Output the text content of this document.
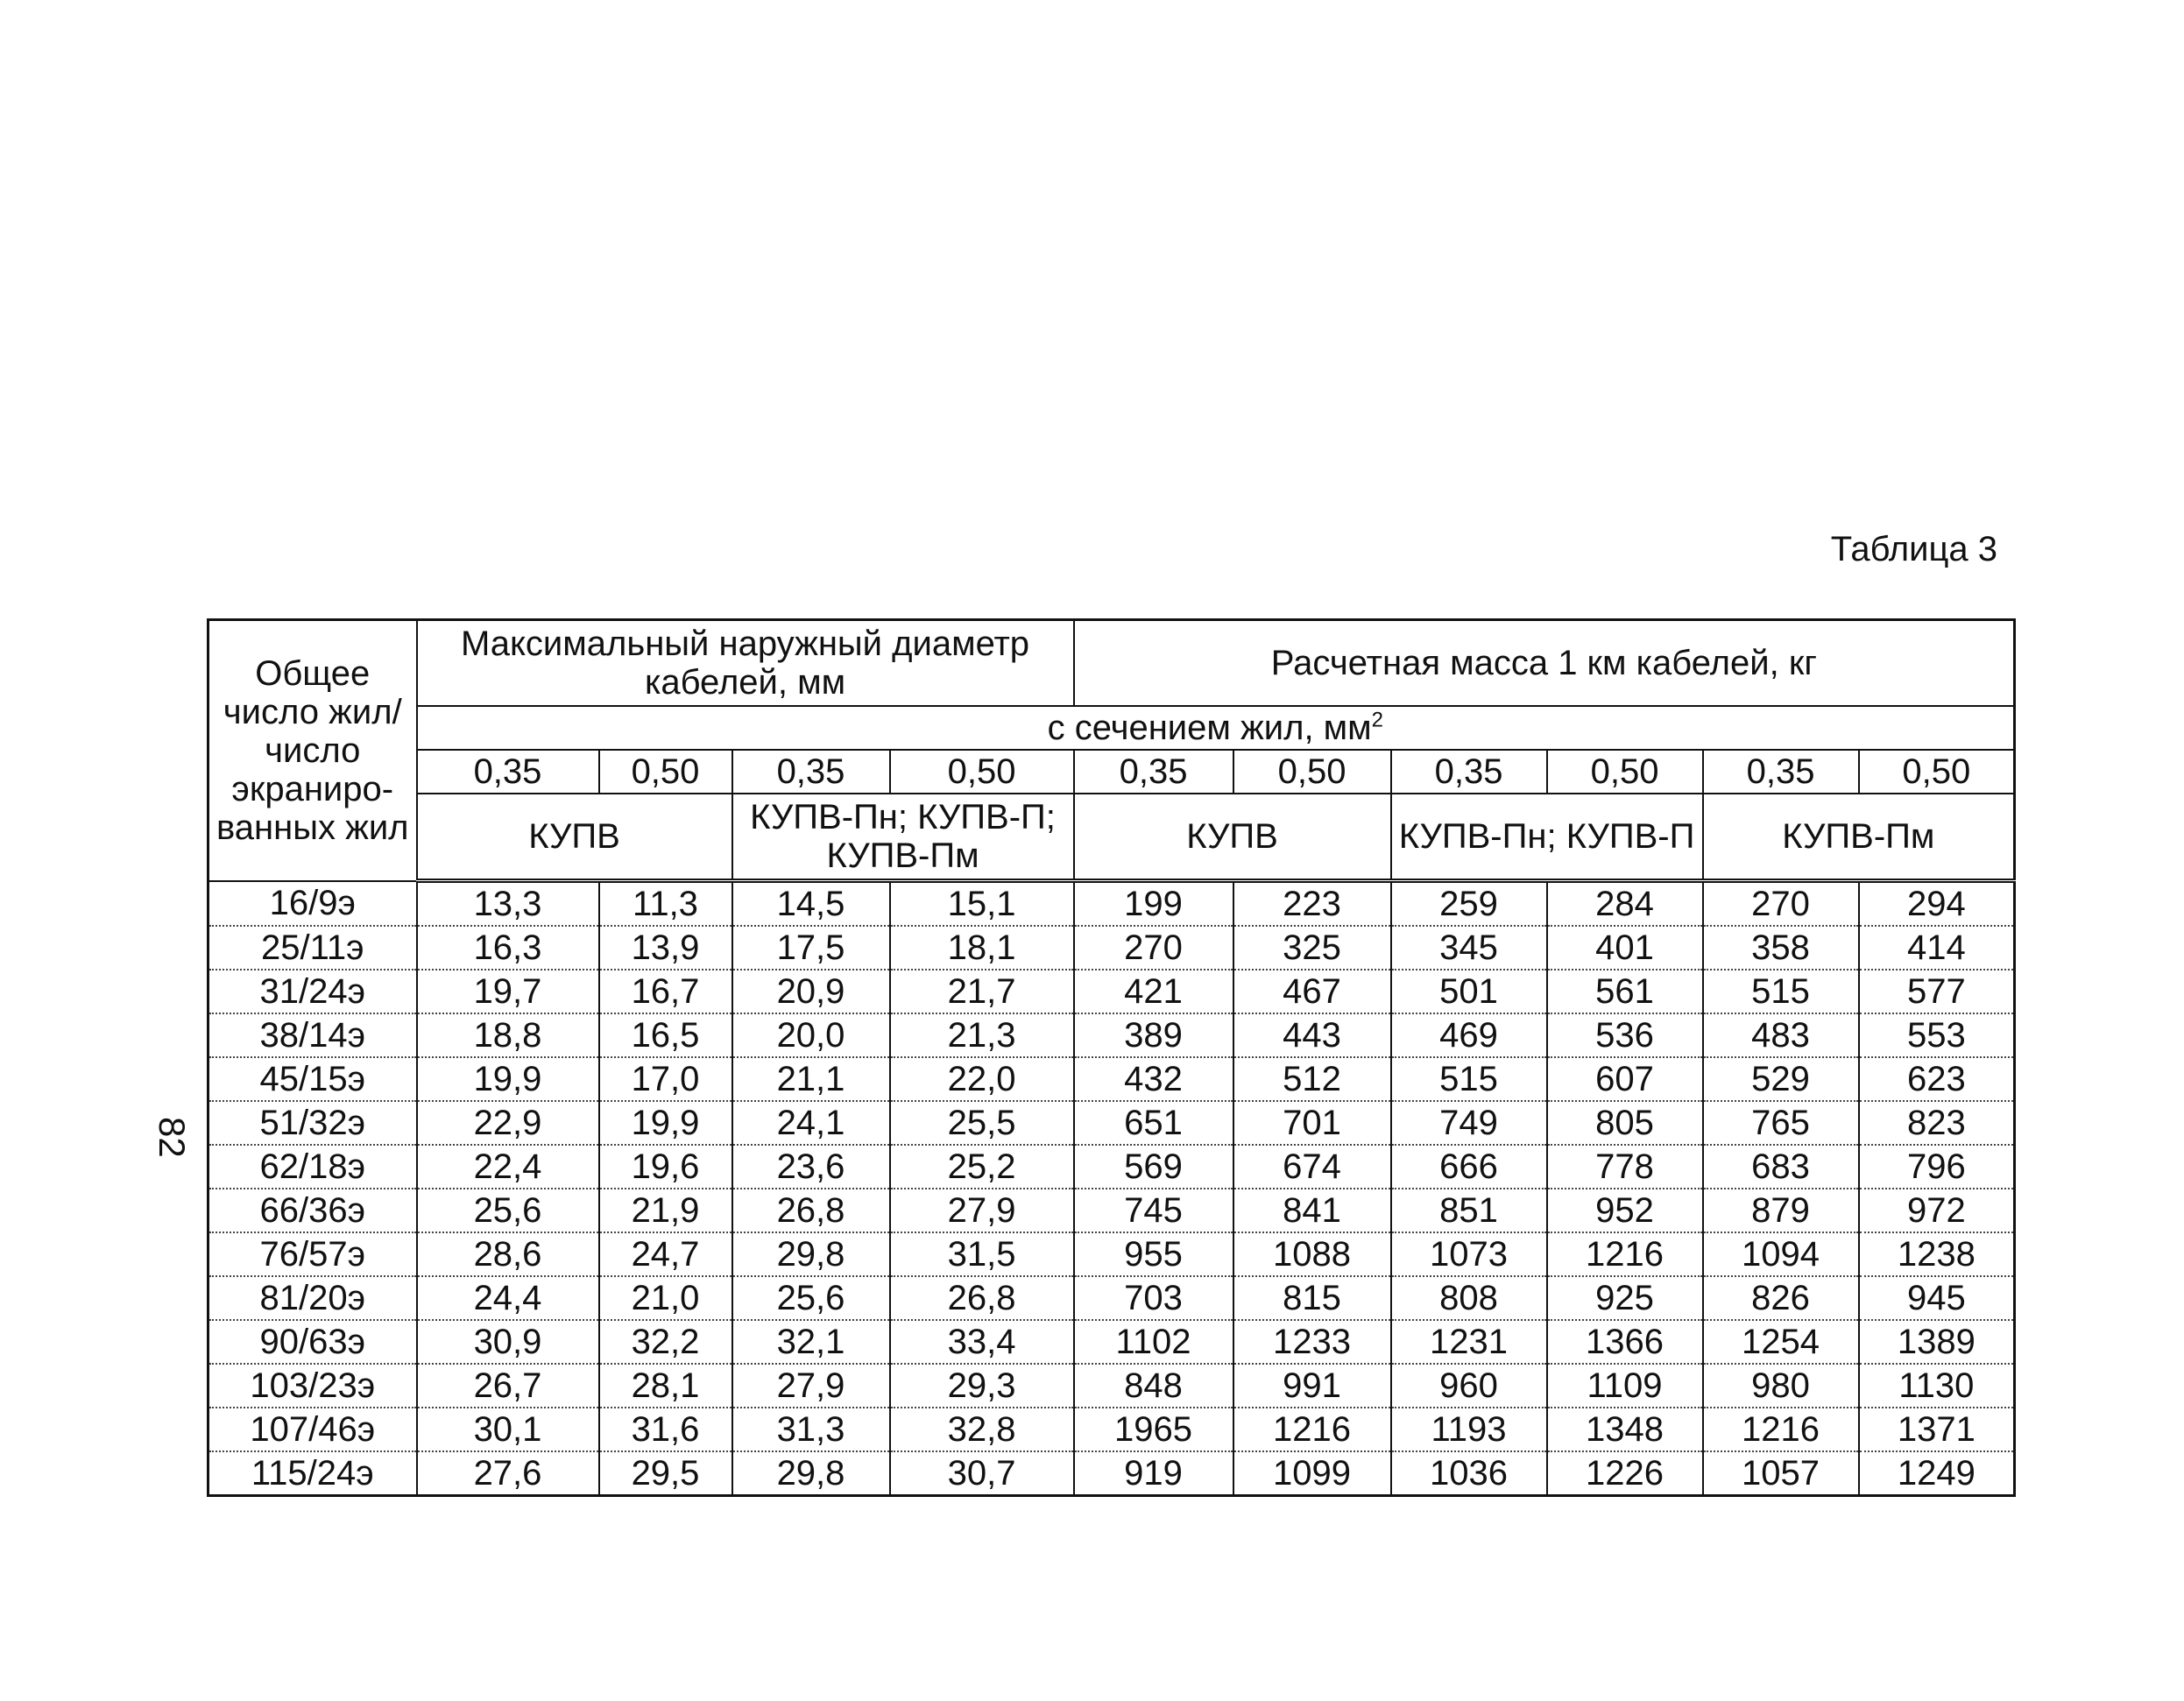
Таблица 3
82
Общее число жил/число экраниро-ванных жил	Максимальный наружный диаметр кабелей, мм				Расчетная масса 1 км кабелей, кг					
	с сечением жил, $мм^2$
	0,35	0,50	0,35	0,50	0,35	0,50	0,35	0,50	0,35	0,50
	КУПВ		КУПВ-Пн; КУПВ-П; КУПВ-Пм		КУПВ		КУПВ-Пн; КУПВ-П		КУПВ-Пм	
16/9э	13,3	11,3	14,5	15,1	199	223	259	284	270	294
25/11э	16,3	13,9	17,5	18,1	270	325	345	401	358	414
31/24э	19,7	16,7	20,9	21,7	421	467	501	561	515	577
38/14э	18,8	16,5	20,0	21,3	389	443	469	536	483	553
45/15э	19,9	17,0	21,1	22,0	432	512	515	607	529	623
51/32э	22,9	19,9	24,1	25,5	651	701	749	805	765	823
62/18э	22,4	19,6	23,6	25,2	569	674	666	778	683	796
66/36э	25,6	21,9	26,8	27,9	745	841	851	952	879	972
76/57э	28,6	24,7	29,8	31,5	955	1088	1073	1216	1094	1238
81/20э	24,4	21,0	25,6	26,8	703	815	808	925	826	945
90/63э	30,9	32,2	32,1	33,4	1102	1233	1231	1366	1254	1389
103/23э	26,7	28,1	27,9	29,3	848	991	960	1109	980	1130
107/46э	30,1	31,6	31,3	32,8	1965	1216	1193	1348	1216	1371
115/24э	27,6	29,5	29,8	30,7	919	1099	1036	1226	1057	1249
